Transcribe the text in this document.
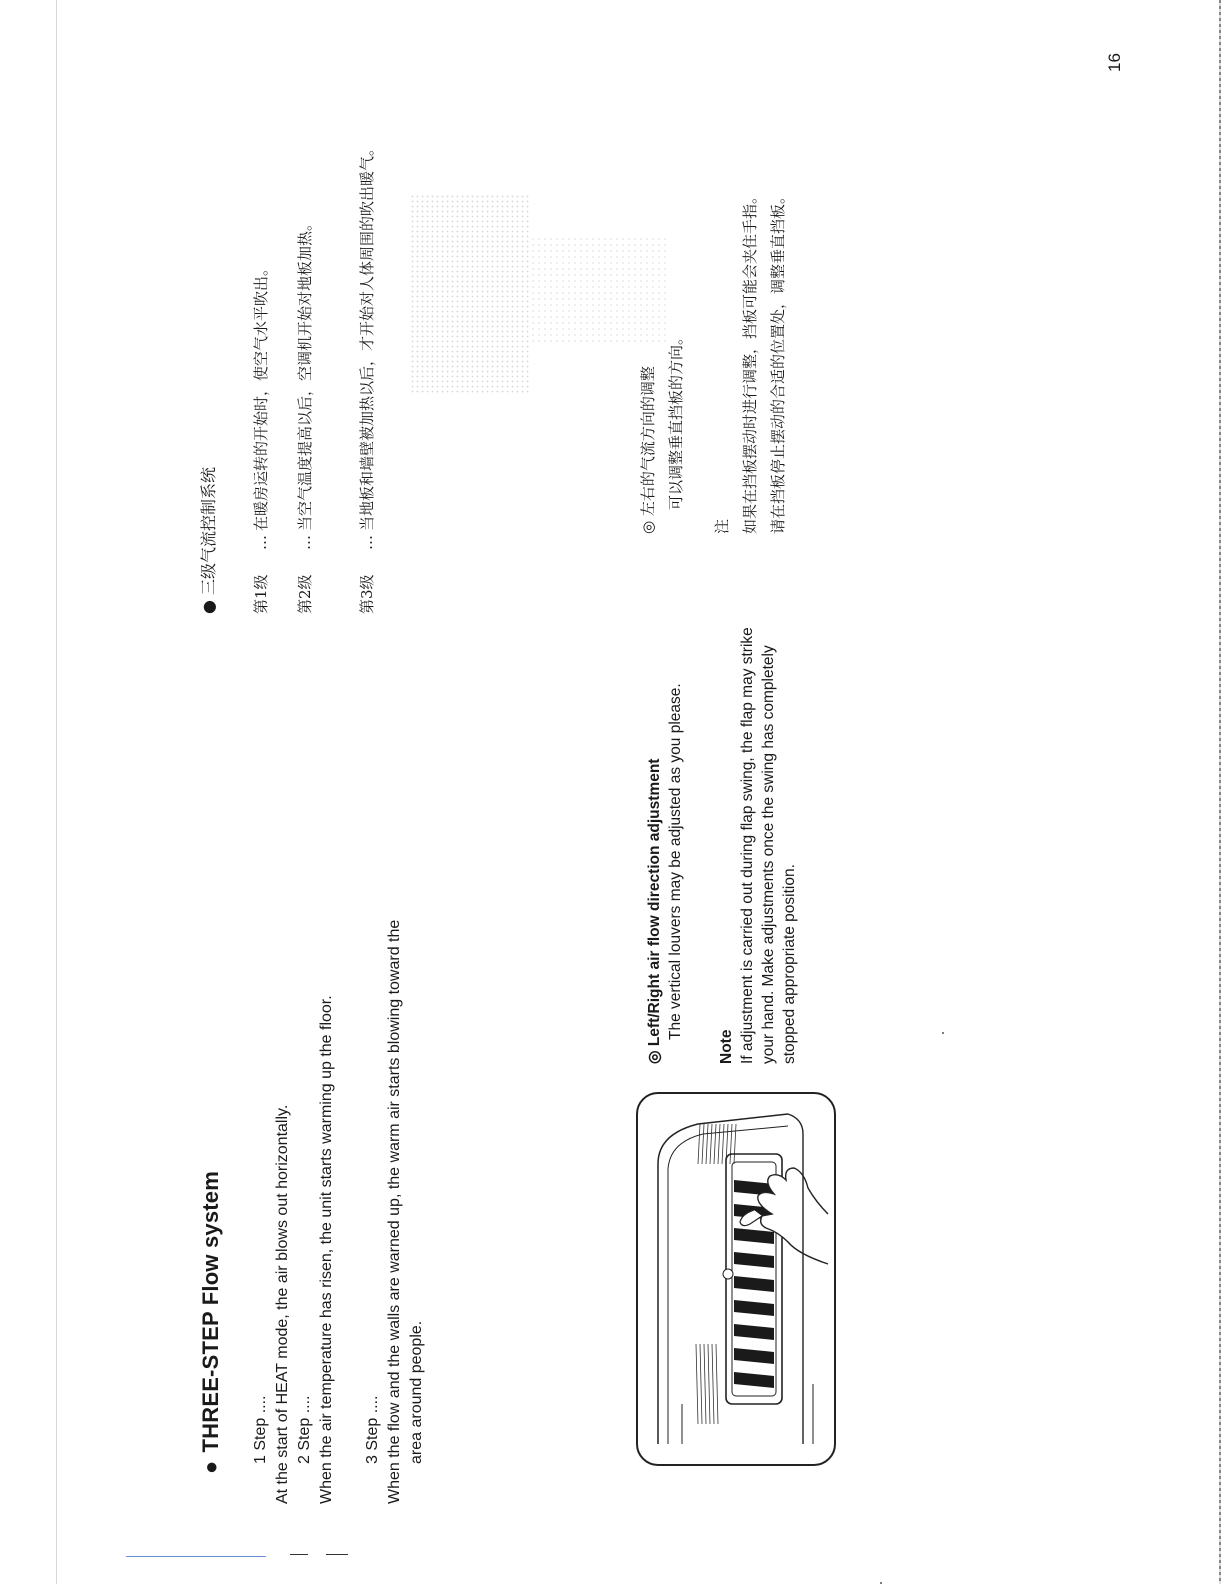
16
●THREE-STEP Flow system 1 Step .... At the start of HEAT mode, the air blows out horizontally. 2 Step .... When the air temperature has risen, the unit starts warming up the floor. 3 Step .... When the flow and the walls are warned up, the warm air starts blowing toward the area around people.
● 三级气流控制系统 第1级…在暖房运转的开始时，使空气水平吹出。
第2级…当空气温度提高以后，空调机开始对地板加热。
第3级…当地板和墙壁被加热以后，才开始对人体周围的吹出暖气。
◎ Left/Right air flow direction adjustment The vertical louvers may be adjusted as you please.
Note If adjustment is carried out during flap swing, the flap may strike your hand. Make adjustments once the swing has completely stopped appropriate position.
◎ 左右的气流方向的调整 可以调整垂直挡板的方向。
注 如果在挡板摆动时进行调整，挡板可能会夹住手指。 请在挡板停止摆动的合适的位置处，调整垂直挡板。
